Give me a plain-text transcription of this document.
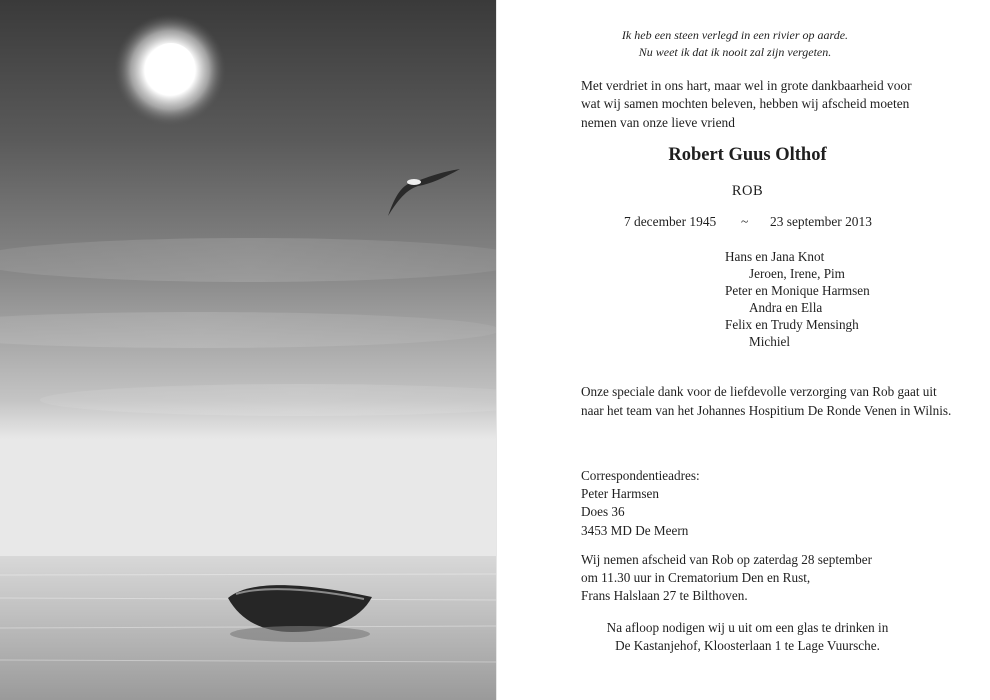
Ik heb een steen verlegd in een rivier op aarde.
Nu weet ik dat ik nooit zal zijn vergeten.
Met verdriet in ons hart, maar wel in grote dankbaarheid voor
wat wij samen mochten beleven, hebben wij afscheid moeten
nemen van onze lieve vriend
Robert Guus Olthof
ROB
7 december 1945 ~ 23 september 2013
Hans en Jana Knot
Jeroen, Irene, Pim
Peter en Monique Harmsen
Andra en Ella
Felix en Trudy Mensingh
Michiel
Onze speciale dank voor de liefdevolle verzorging van Rob gaat uit
naar het team van het Johannes Hospitium De Ronde Venen in Wilnis.
Correspondentieadres:
Peter Harmsen
Does 36
3453 MD De Meern
Wij nemen afscheid van Rob op zaterdag 28 september
om 11.30 uur in Crematorium Den en Rust,
Frans Halslaan 27 te Bilthoven.
Na afloop nodigen wij u uit om een glas te drinken in
De Kastanjehof, Kloosterlaan 1 te Lage Vuursche.
